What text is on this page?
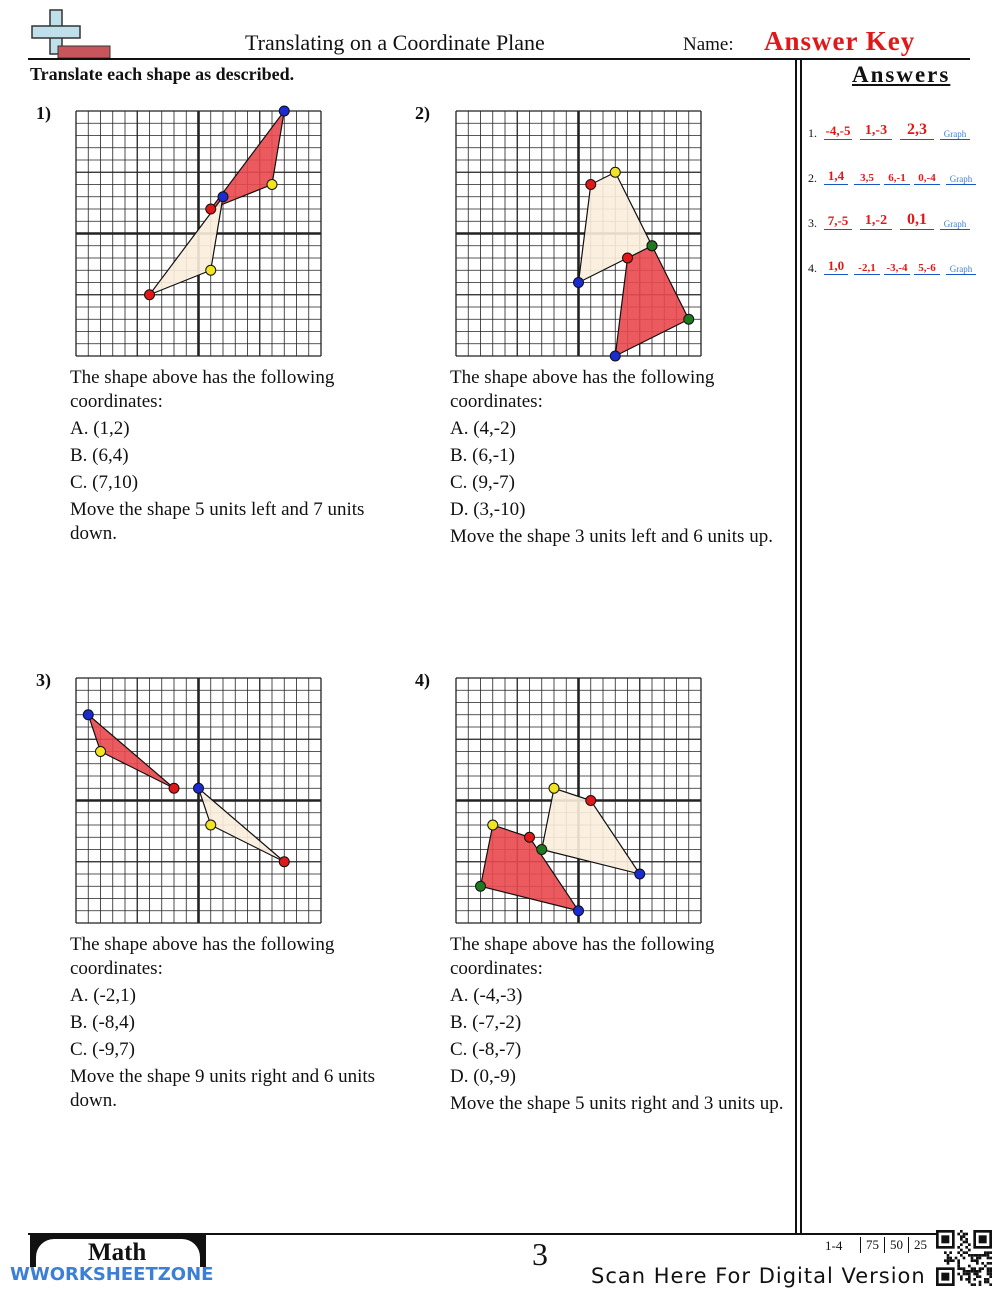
Translating on a Coordinate Plane	Name: Answer Key
Translate each shape as described.	Answers
1. -4,-5	1,-3	2,3	Graph
2. 1,4	3,5	6,-1	0,-4	Graph
3. 7,-5	1,-2	0,1	Graph
4. 1,0	-2,1 -3,-4 5,-6	Graph
1)
The shape above has the following coordinates:
A. (1,2)
B. (6,4)
C. (7,10)
Move the shape 5 units left and 7 units down.
2)
The shape above has the following coordinates:
A. (4,-2)
B. (6,-1)
C. (9,-7)
D. (3,-10)
Move the shape 3 units left and 6 units up.
3)
The shape above has the following coordinates:
A. (-2,1)
B. (-8,4)
C. (-9,7)
Move the shape 9 units right and 6 units down.
4)
The shape above has the following coordinates:
A. (-4,-3)
B. (-7,-2)
C. (-8,-7)
D. (0,-9)
Move the shape 5 units right and 3 units up.
Math
WWORKSHEETZONE
3	1-4	75 50 25
Scan Here For Digital Version
